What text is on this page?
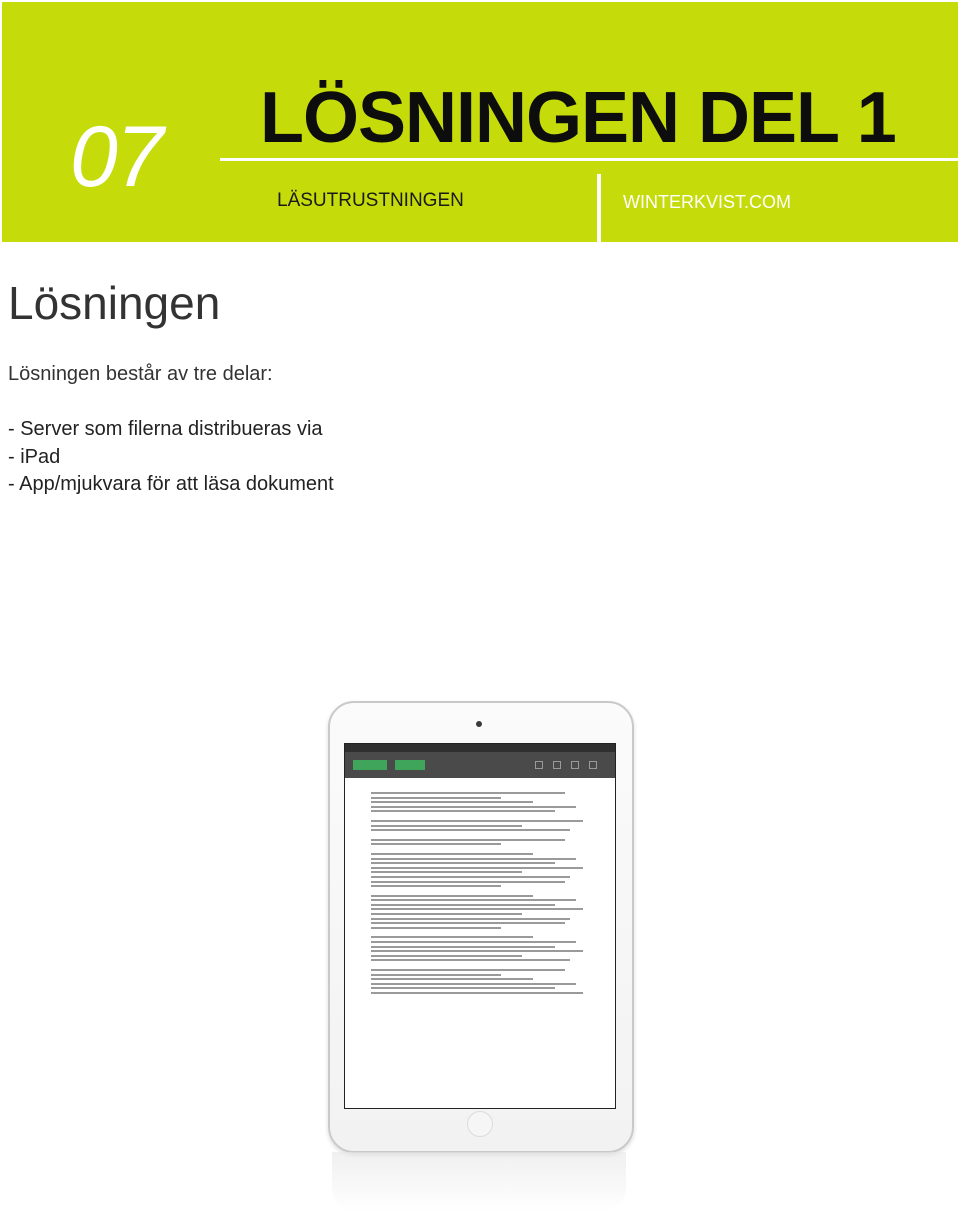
07 LÖSNINGEN DEL 1
LÄSUTRUSTNINGEN	WINTERKVIST.COM
Lösningen

Lösningen består av tre delar:

- Server som filerna distribueras via
- iPad
- App/mjukvara för att läsa dokument
